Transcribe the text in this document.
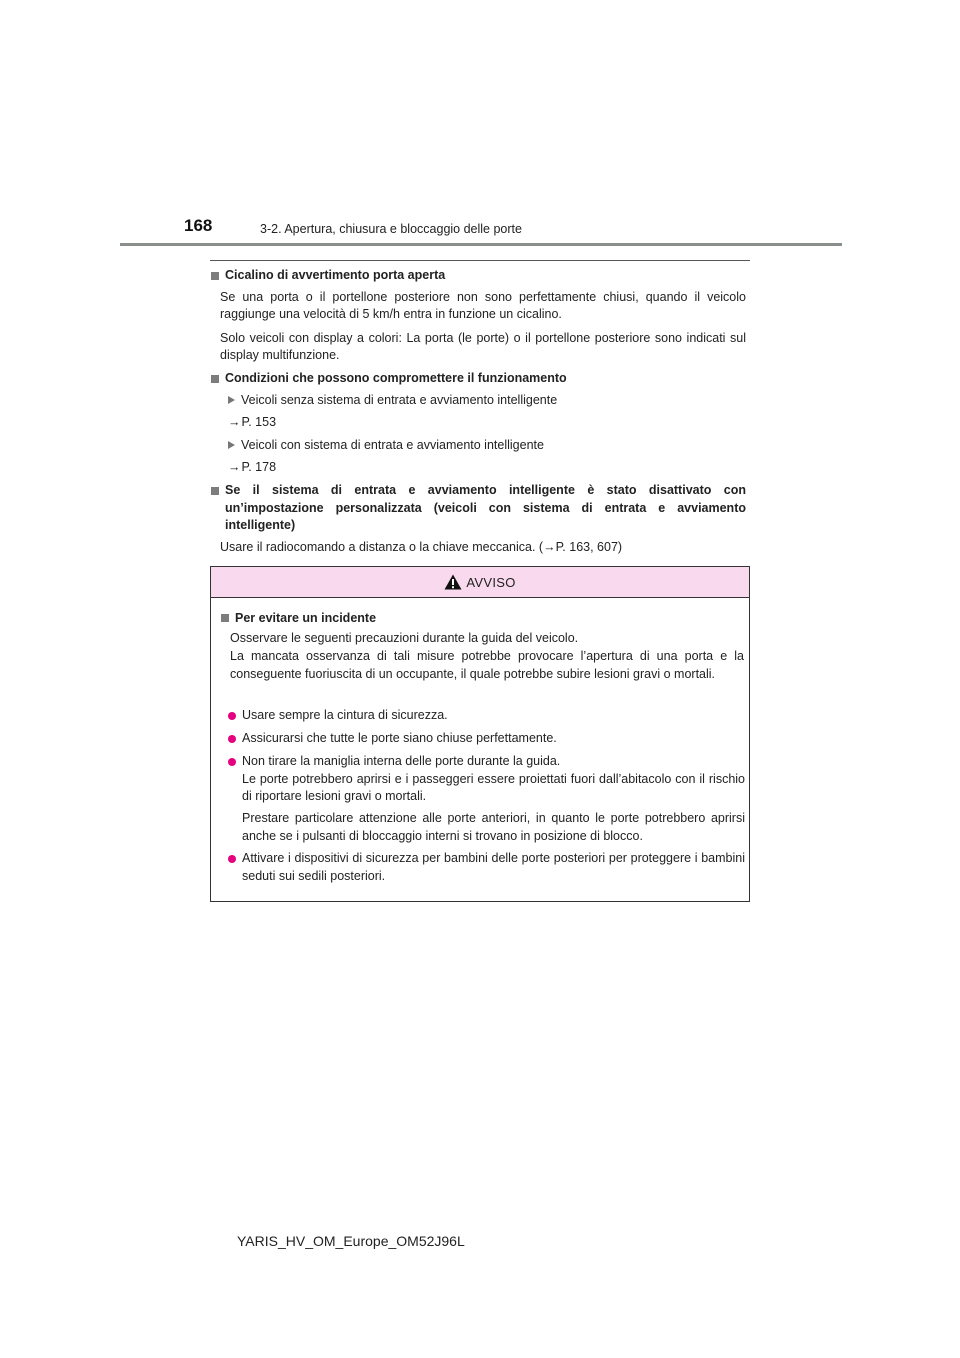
168	3-2. Apertura, chiusura e bloccaggio delle porte
Cicalino di avvertimento porta aperta
Se una porta o il portellone posteriore non sono perfettamente chiusi, quando il veicolo raggiunge una velocità di 5 km/h entra in funzione un cicalino.
Solo veicoli con display a colori: La porta (le porte) o il portellone posteriore sono indicati sul display multifunzione.
Condizioni che possono compromettere il funzionamento
Veicoli senza sistema di entrata e avviamento intelligente
→P. 153
Veicoli con sistema di entrata e avviamento intelligente
→P. 178
Se il sistema di entrata e avviamento intelligente è stato disattivato con un’impostazione personalizzata (veicoli con sistema di entrata e avviamento intelligente)
Usare il radiocomando a distanza o la chiave meccanica. (→P. 163, 607)
AVVISO
Per evitare un incidente
Osservare le seguenti precauzioni durante la guida del veicolo.
La mancata osservanza di tali misure potrebbe provocare l’apertura di una porta e la conseguente fuoriuscita di un occupante, il quale potrebbe subire lesioni gravi o mortali.
Usare sempre la cintura di sicurezza.
Assicurarsi che tutte le porte siano chiuse perfettamente.
Non tirare la maniglia interna delle porte durante la guida.
Le porte potrebbero aprirsi e i passeggeri essere proiettati fuori dall’abitacolo con il rischio di riportare lesioni gravi o mortali.
Prestare particolare attenzione alle porte anteriori, in quanto le porte potrebbero aprirsi anche se i pulsanti di bloccaggio interni si trovano in posizione di blocco.
Attivare i dispositivi di sicurezza per bambini delle porte posteriori per proteggere i bambini seduti sui sedili posteriori.
YARIS_HV_OM_Europe_OM52J96L
